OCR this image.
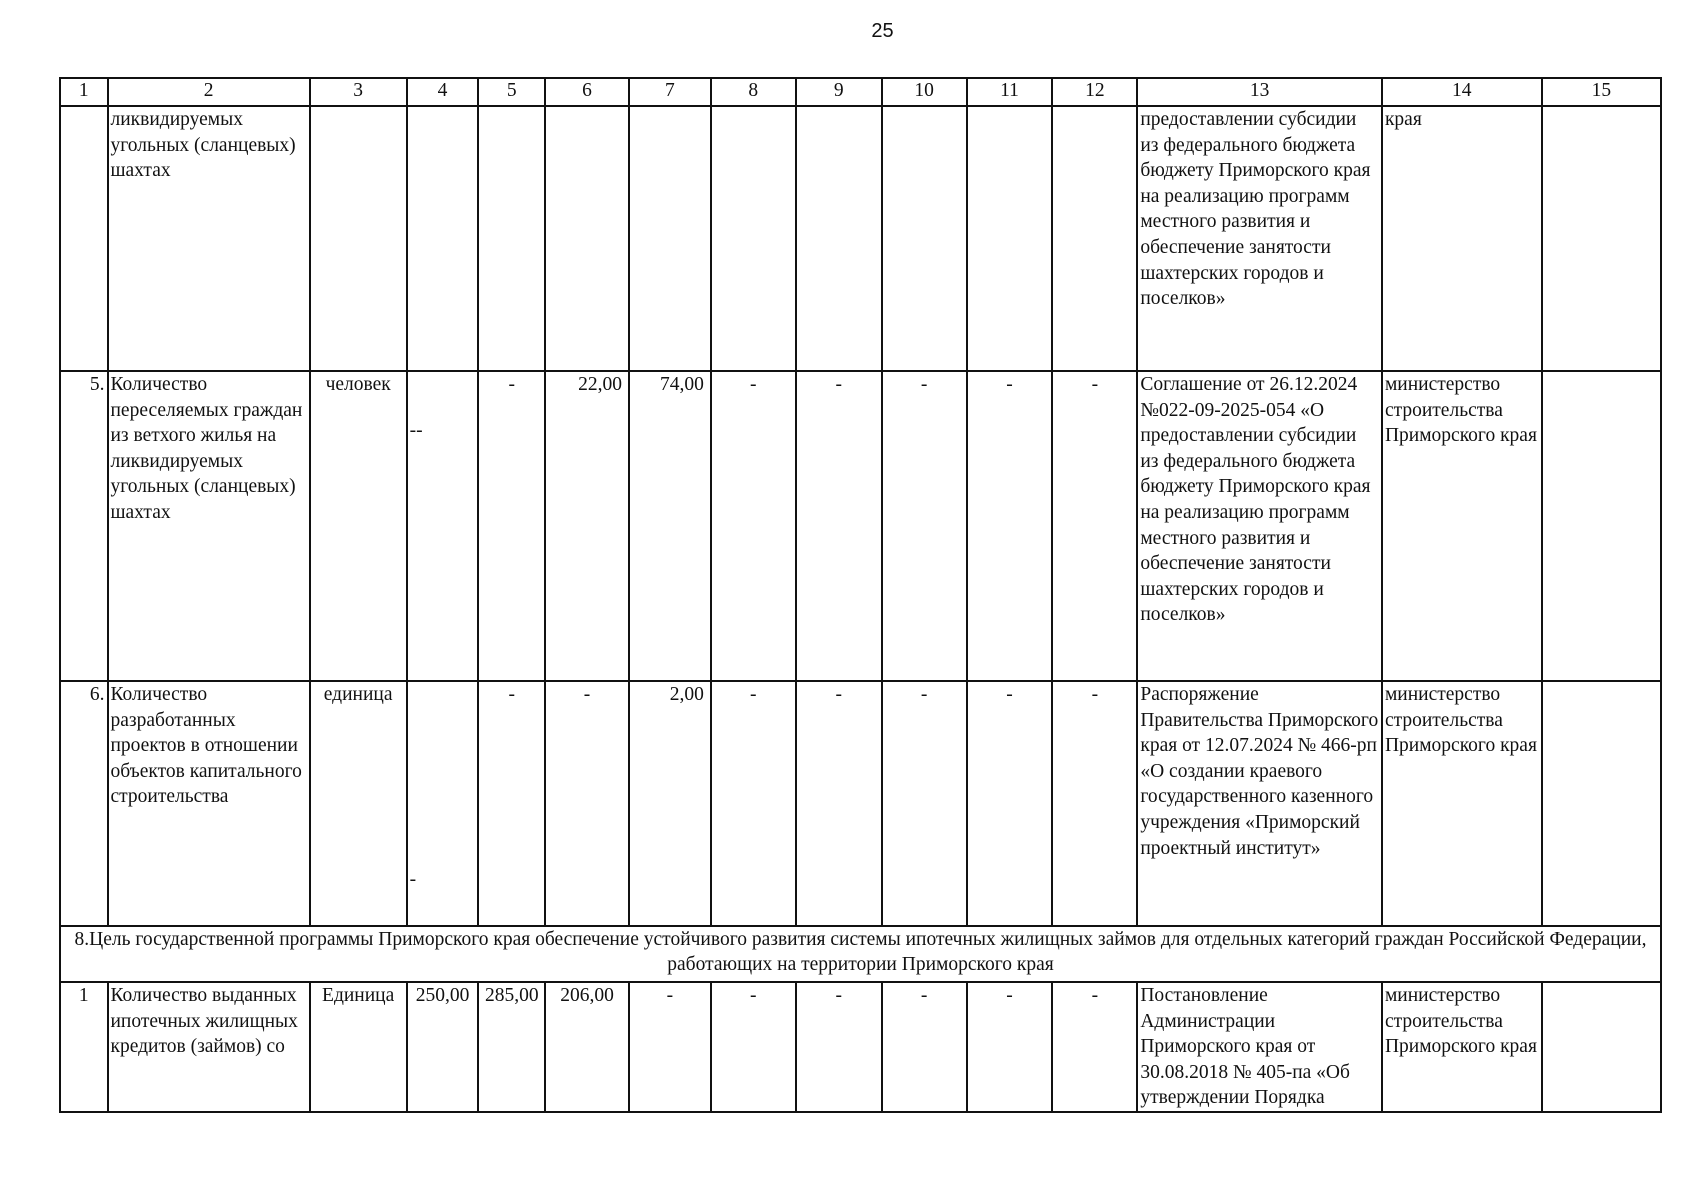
25
1	2	3	4	5	6	7	8	9	10	11	12	13	14	15
	ликвидируемых угольных (сланцевых) шахтах											предоставлении субсидии из федерального бюджета бюджету Приморского края на реализацию программ местного развития и обеспечение занятости шахтерских городов и поселков»	края	
5.	Количество переселяемых граждан из ветхого жилья на ликвидируемых угольных (сланцевых) шахтах	человек	--	-	22,00	74,00	-	-	-	-	-	Соглашение от 26.12.2024 №022-09-2025-054 «О предоставлении субсидии из федерального бюджета бюджету Приморского края на реализацию программ местного развития и обеспечение занятости шахтерских городов и поселков»	министерство строительства Приморского края	
6.	Количество разработанных проектов в отношении объектов капитального строительства	единица	-	-	-	2,00	-	-	-	-	-	Распоряжение Правительства Приморского края от 12.07.2024 № 466-рп «О создании краевого государственного казенного учреждения «Приморский проектный институт»	министерство строительства Приморского края	
8.Цель государственной программы Приморского края обеспечение устойчивого развития системы ипотечных жилищных займов для отдельных категорий граждан Российской Федерации, работающих на территории Приморского края														
1	Количество выданных ипотечных жилищных кредитов (займов) со	Единица	250,00	285,00	206,00	-	-	-	-	-	-	Постановление Администрации Приморского края от 30.08.2018 № 405-па «Об утверждении Порядка	министерство строительства Приморского края	
